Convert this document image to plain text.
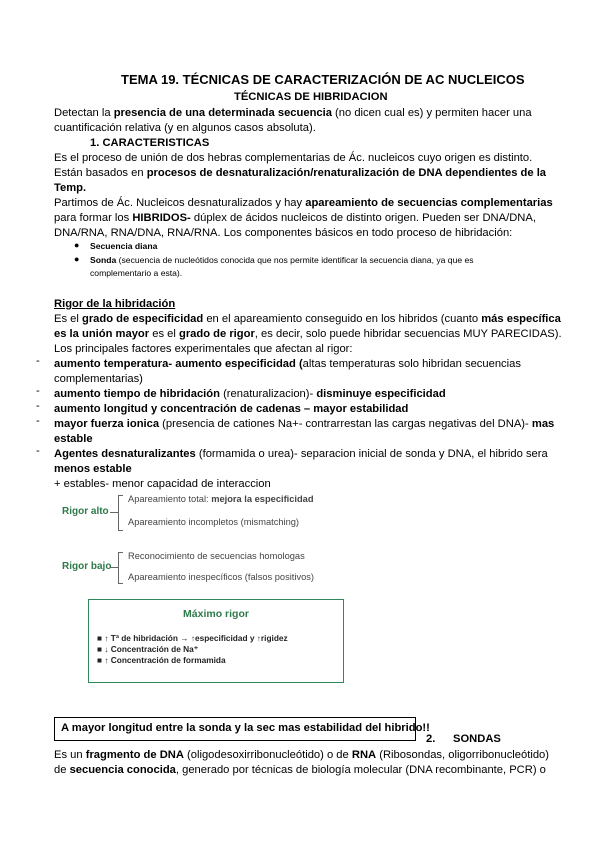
TEMA 19. TÉCNICAS DE CARACTERIZACIÓN DE AC NUCLEICOS
TÉCNICAS DE HIBRIDACION
Detectan la presencia de una determinada secuencia (no dicen cual es) y permiten hacer una
cuantificación relativa (y en algunos casos absoluta).
1. CARACTERISTICAS
Es el proceso de unión de dos hebras complementarias de Ác. nucleicos cuyo origen es distinto.
Están basados en procesos de desnaturalización/renaturalización de DNA dependientes de la
Temp.
Partimos de Ác. Nucleicos desnaturalizados y hay apareamiento de secuencias complementarias
para formar los HIBRIDOS- dúplex de ácidos nucleicos de distinto origen. Pueden ser DNA/DNA,
DNA/RNA, RNA/DNA, RNA/RNA. Los componentes básicos en todo proceso de hibridación:
● Secuencia diana
● Sonda (secuencia de nucleótidos conocida que nos permite identificar la secuencia diana, ya que es
complementario a esta).
Rigor de la hibridación
Es el grado de especificidad en el apareamiento conseguido en los hibridos (cuanto más específica
es la unión mayor es el grado de rigor, es decir, solo puede hibridar secuencias MUY PARECIDAS).
Los principales factores experimentales que afectan al rigor:
- aumento temperatura- aumento especificidad (altas temperaturas solo hibridan secuencias
complementarias)
- aumento tiempo de hibridación (renaturalizacion)- disminuye especificidad
- aumento longitud y concentración de cadenas – mayor estabilidad
- mayor fuerza ionica (presencia de cationes Na+- contrarrestan las cargas negativas del DNA)- mas
estable
- Agentes desnaturalizantes (formamida o urea)- separacion inicial de sonda y DNA, el hibrido sera
menos estable
+ estables- menor capacidad de interaccion
Rigor alto
Apareamiento total: mejora la especificidad
Apareamiento incompletos (mismatching)
Rigor bajo
Reconocimiento de secuencias homologas
Apareamiento inespecíficos (falsos positivos)
Máximo rigor
■ ↑ Tª de hibridación → ↑especificidad y ↑rigidez
■ ↓ Concentración de Na⁺
■ ↑ Concentración de formamida
A mayor longitud entre la sonda y la sec mas estabilidad del hibrido!!
2. SONDAS
Es un fragmento de DNA (oligodesoxirribonucleótido) o de RNA (Ribosondas, oligorribonucleótido)
de secuencia conocida, generado por técnicas de biología molecular (DNA recombinante, PCR) o
